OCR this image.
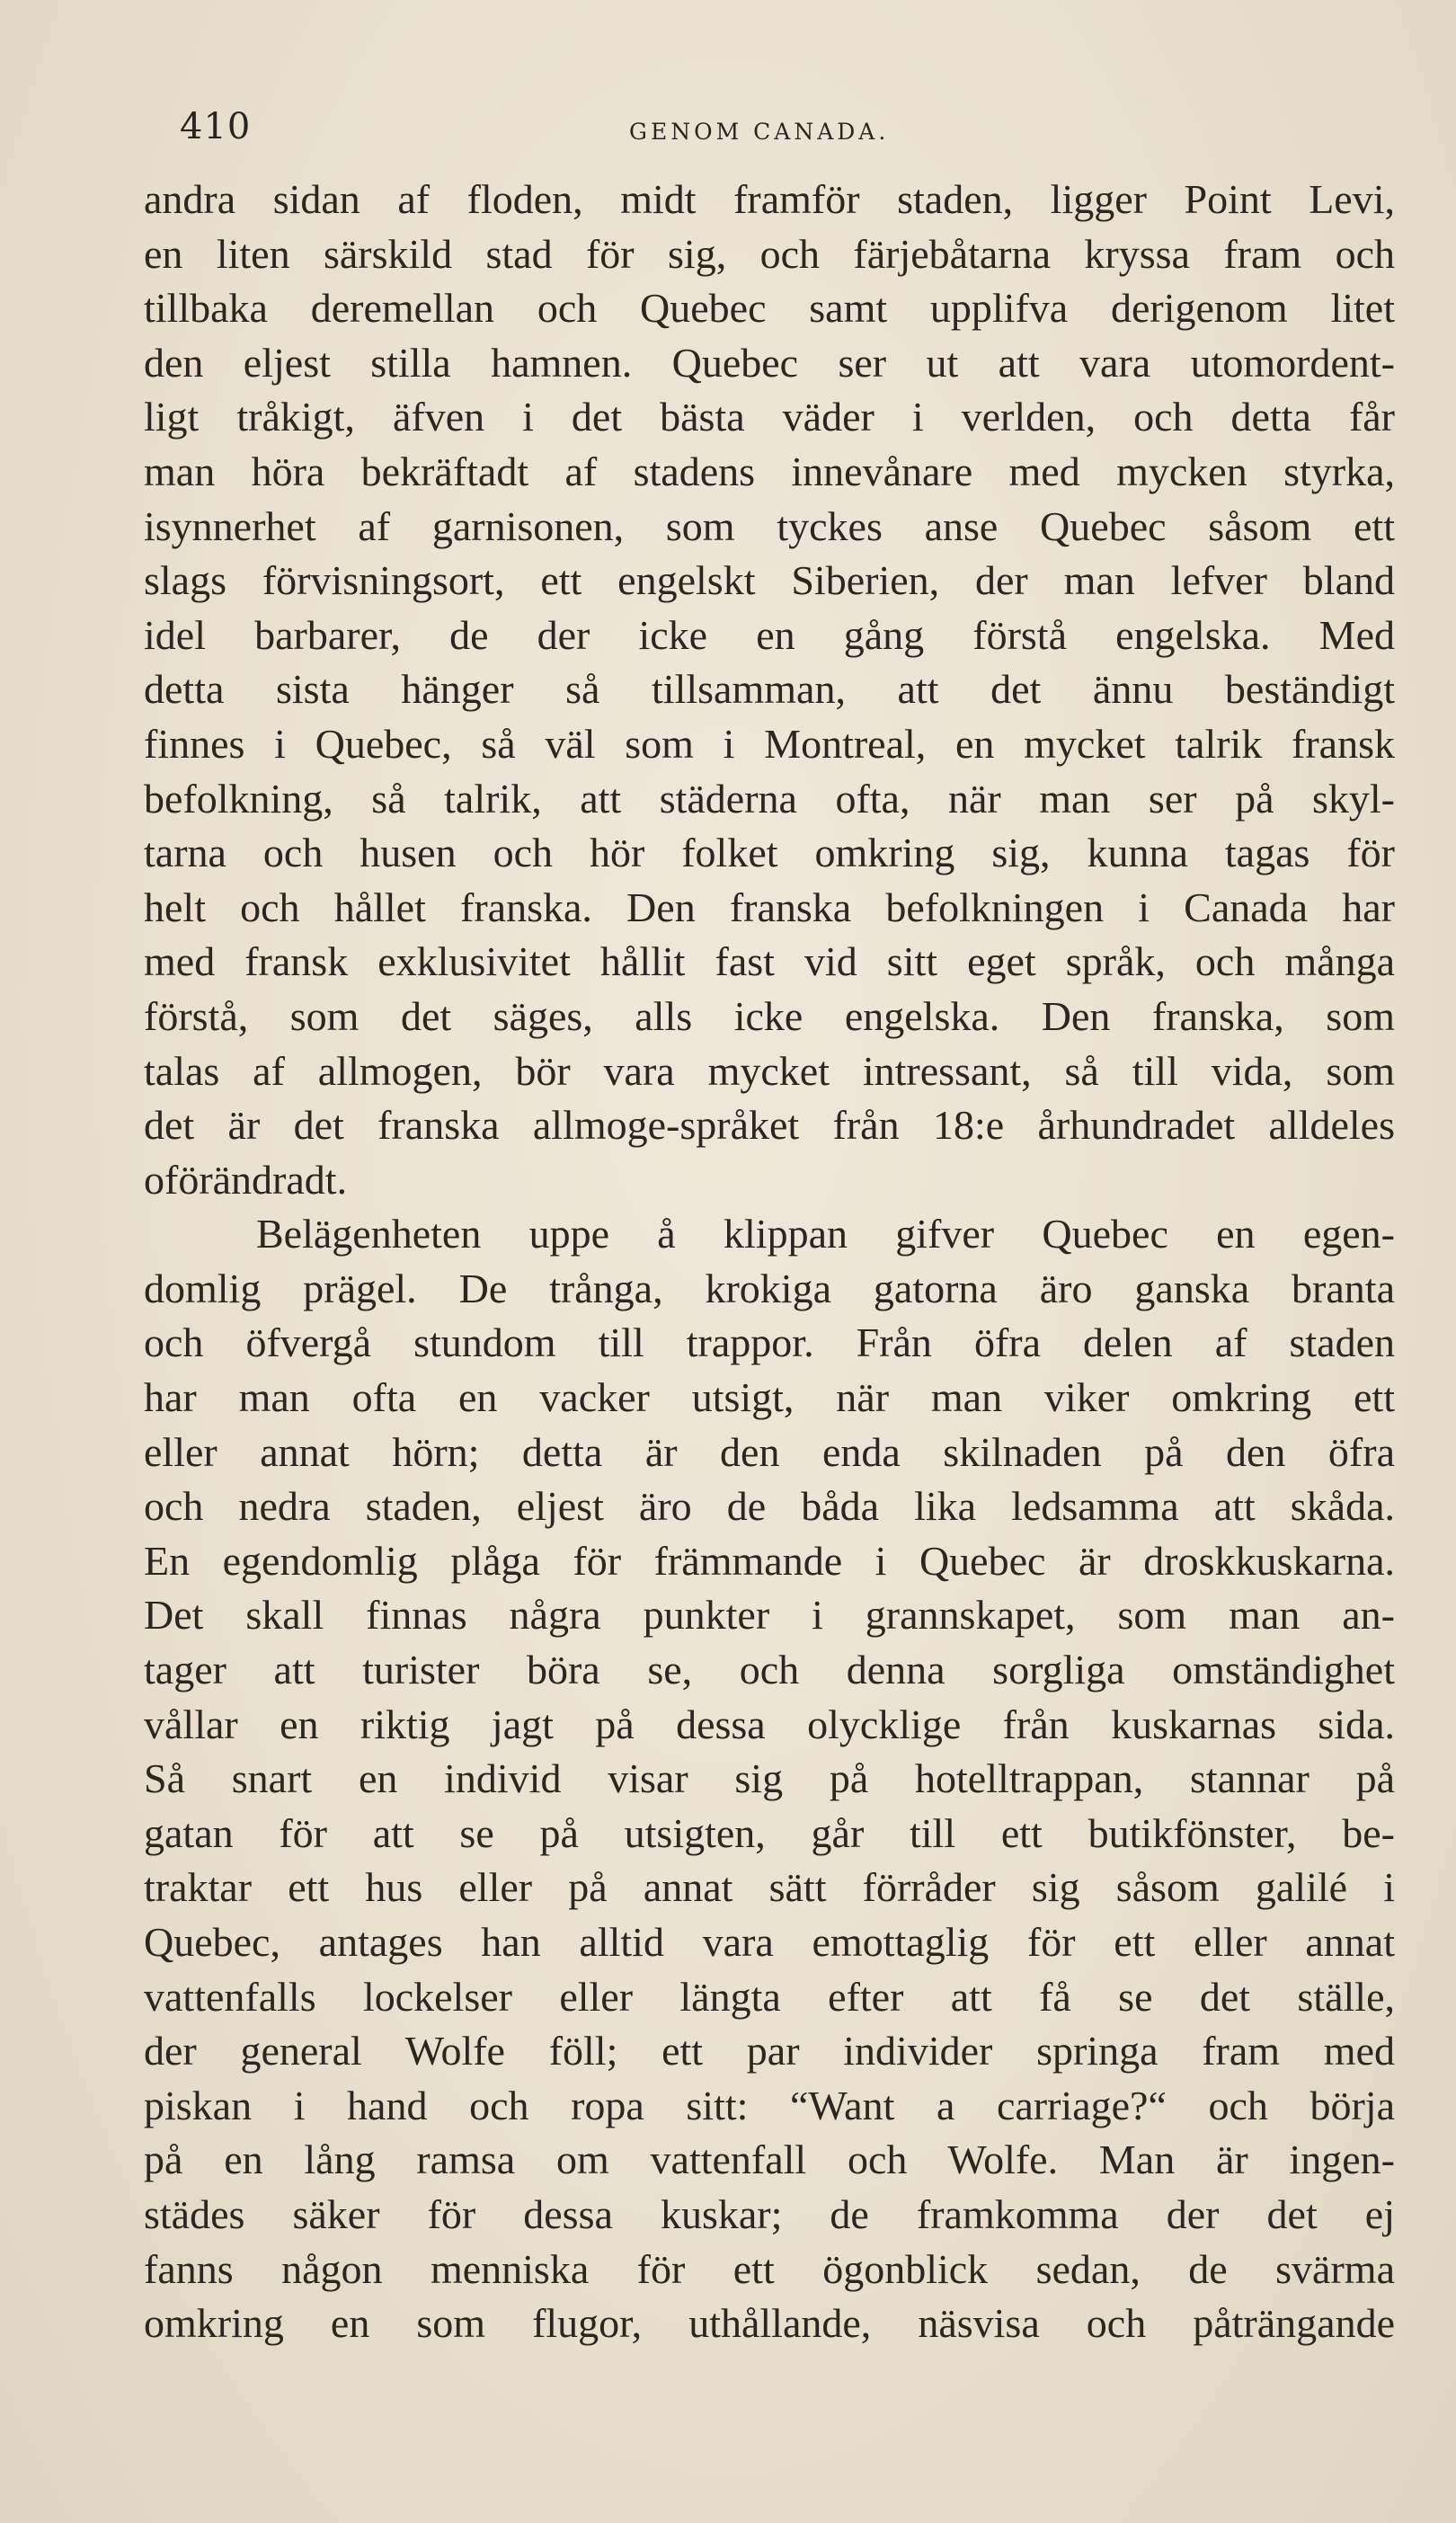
410	GENOM CANADA.
andra sidan af floden, midt framför staden, ligger Point Levi,
en liten särskild stad för sig, och färjebåtarna kryssa fram och
tillbaka deremellan och Quebec samt upplifva derigenom litet
den eljest stilla hamnen. Quebec ser ut att vara utomordent-
ligt tråkigt, äfven i det bästa väder i verlden, och detta får
man höra bekräftadt af stadens innevånare med mycken styrka,
isynnerhet af garnisonen, som tyckes anse Quebec såsom ett
slags förvisningsort, ett engelskt Siberien, der man lefver bland
idel barbarer, de der icke en gång förstå engelska. Med
detta sista hänger så tillsamman, att det ännu beständigt
finnes i Quebec, så väl som i Montreal, en mycket talrik fransk
befolkning, så talrik, att städerna ofta, när man ser på skyl-
tarna och husen och hör folket omkring sig, kunna tagas för
helt och hållet franska. Den franska befolkningen i Canada har
med fransk exklusivitet hållit fast vid sitt eget språk, och många
förstå, som det säges, alls icke engelska. Den franska, som
talas af allmogen, bör vara mycket intressant, så till vida, som
det är det franska allmoge-språket från 18:e århundradet alldeles
oförändradt.
Belägenheten uppe å klippan gifver Quebec en egen-
domlig prägel. De trånga, krokiga gatorna äro ganska branta
och öfvergå stundom till trappor. Från öfra delen af staden
har man ofta en vacker utsigt, när man viker omkring ett
eller annat hörn; detta är den enda skilnaden på den öfra
och nedra staden, eljest äro de båda lika ledsamma att skåda.
En egendomlig plåga för främmande i Quebec är droskkuskarna.
Det skall finnas några punkter i grannskapet, som man an-
tager att turister böra se, och denna sorgliga omständighet
vållar en riktig jagt på dessa olycklige från kuskarnas sida.
Så snart en individ visar sig på hotelltrappan, stannar på
gatan för att se på utsigten, går till ett butikfönster, be-
traktar ett hus eller på annat sätt förråder sig såsom galilé i
Quebec, antages han alltid vara emottaglig för ett eller annat
vattenfalls lockelser eller längta efter att få se det ställe,
der general Wolfe föll; ett par individer springa fram med
piskan i hand och ropa sitt: “Want a carriage?“ och börja
på en lång ramsa om vattenfall och Wolfe. Man är ingen-
städes säker för dessa kuskar; de framkomma der det ej
fanns någon menniska för ett ögonblick sedan, de svärma
omkring en som flugor, uthållande, näsvisa och påträngande
